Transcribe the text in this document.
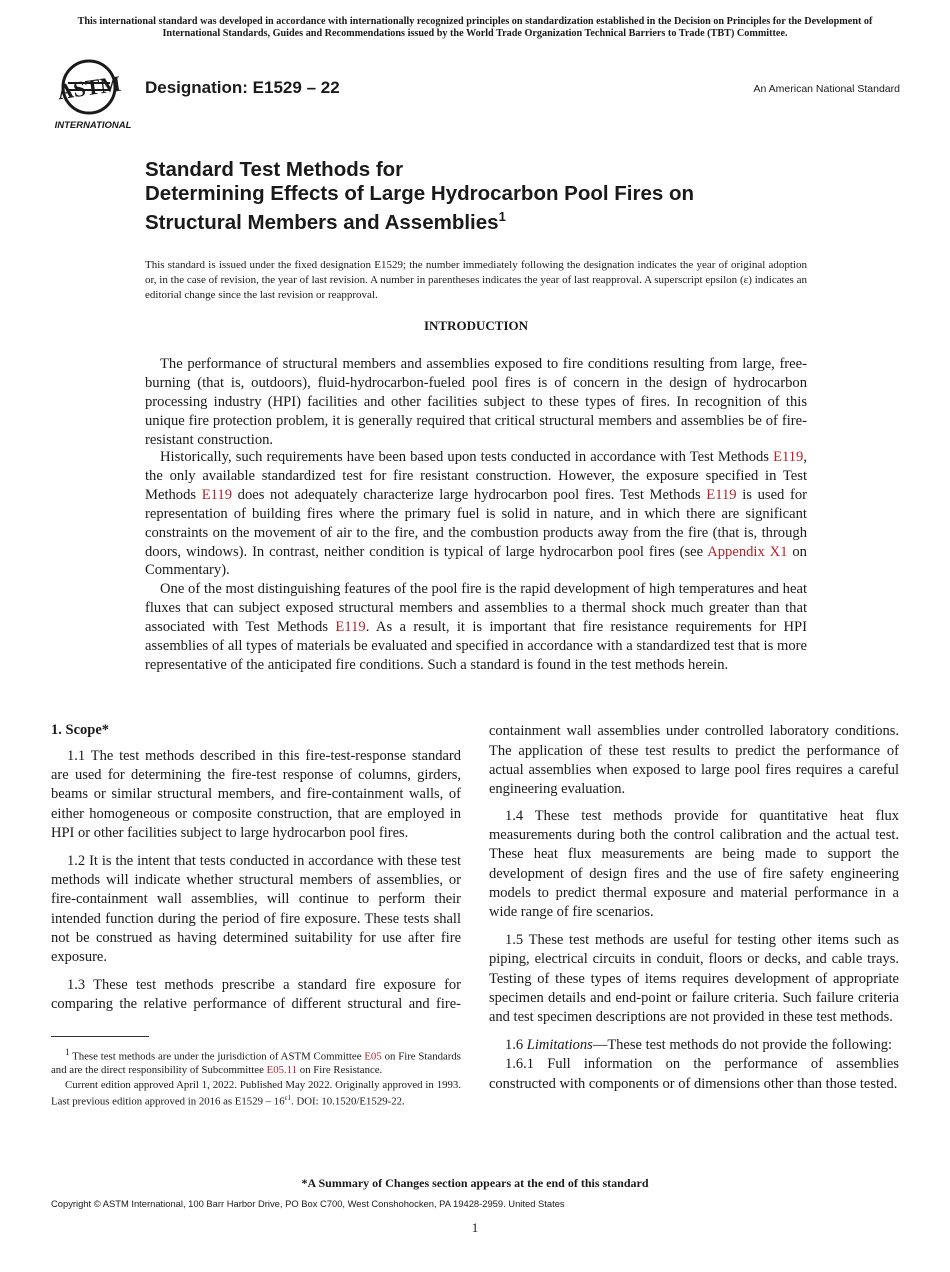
This international standard was developed in accordance with internationally recognized principles on standardization established in the Decision on Principles for the Development of International Standards, Guides and Recommendations issued by the World Trade Organization Technical Barriers to Trade (TBT) Committee.
ASTM
INTERNATIONAL
Designation: E1529 – 22	An American National Standard
Standard Test Methods for
Determining Effects of Large Hydrocarbon Pool Fires on
Structural Members and Assemblies$^1$
This standard is issued under the fixed designation E1529; the number immediately following the designation indicates the year of original adoption or, in the case of revision, the year of last revision. A number in parentheses indicates the year of last reapproval. A superscript epsilon (ε) indicates an editorial change since the last revision or reapproval.
INTRODUCTION

The performance of structural members and assemblies exposed to fire conditions resulting from large, free-burning (that is, outdoors), fluid-hydrocarbon-fueled pool fires is of concern in the design of hydrocarbon processing industry (HPI) facilities and other facilities subject to these types of fires. In recognition of this unique fire protection problem, it is generally required that critical structural members and assemblies be of fire-resistant construction.

Historically, such requirements have been based upon tests conducted in accordance with Test Methods E119, the only available standardized test for fire resistant construction. However, the exposure specified in Test Methods E119 does not adequately characterize large hydrocarbon pool fires. Test Methods E119 is used for representation of building fires where the primary fuel is solid in nature, and in which there are significant constraints on the movement of air to the fire, and the combustion products away from the fire (that is, through doors, windows). In contrast, neither condition is typical of large hydrocarbon pool fires (see Appendix X1 on Commentary).

One of the most distinguishing features of the pool fire is the rapid development of high temperatures and heat fluxes that can subject exposed structural members and assemblies to a thermal shock much greater than that associated with Test Methods E119. As a result, it is important that fire resistance requirements for HPI assemblies of all types of materials be evaluated and specified in accordance with a standardized test that is more representative of the anticipated fire conditions. Such a standard is found in the test methods herein.

1. Scope*

1.1 The test methods described in this fire-test-response standard are used for determining the fire-test response of columns, girders, beams or similar structural members, and fire-containment walls, of either homogeneous or composite construction, that are employed in HPI or other facilities subject to large hydrocarbon pool fires.

1.2 It is the intent that tests conducted in accordance with these test methods will indicate whether structural members of assemblies, or fire-containment wall assemblies, will continue to perform their intended function during the period of fire exposure. These tests shall not be construed as having determined suitability for use after fire exposure.

1.3 These test methods prescribe a standard fire exposure for comparing the relative performance of different structural and fire-

containment wall assemblies under controlled laboratory conditions. The application of these test results to predict the performance of actual assemblies when exposed to large pool fires requires a careful engineering evaluation.

1.4 These test methods provide for quantitative heat flux measurements during both the control calibration and the actual test. These heat flux measurements are being made to support the development of design fires and the use of fire safety engineering models to predict thermal exposure and material performance in a wide range of fire scenarios.

1.5 These test methods are useful for testing other items such as piping, electrical circuits in conduit, floors or decks, and cable trays. Testing of these types of items requires development of appropriate specimen details and end-point or failure criteria. Such failure criteria and test specimen descriptions are not provided in these test methods.

1.6 Limitations—These test methods do not provide the following:

1.6.1 Full information on the performance of assemblies constructed with components or of dimensions other than those tested.

$^1$ These test methods are under the jurisdiction of ASTM Committee E05 on Fire Standards and are the direct responsibility of Subcommittee E05.11 on Fire Resistance.

Current edition approved April 1, 2022. Published May 2022. Originally approved in 1993. Last previous edition approved in 2016 as $E1529 - 16^{\varepsilon 1}$. DOI: 10.1520/E1529-22.

*A Summary of Changes section appears at the end of this standard
Copyright © ASTM International, 100 Barr Harbor Drive, PO Box C700, West Conshohocken, PA 19428-2959. United States
1
